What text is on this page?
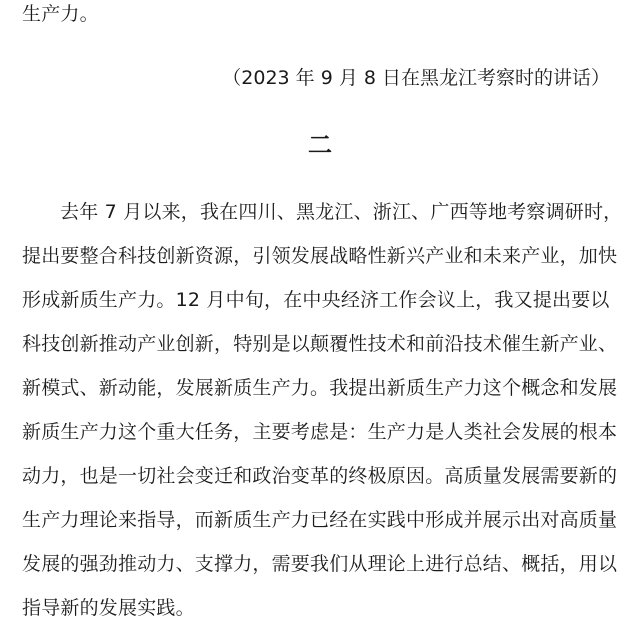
生产力。
（2023 年 9 月 8 日在黑龙江考察时的讲话）
二
去年 7 月以来，我在四川、黑龙江、浙江、广西等地考察调研时，
提出要整合科技创新资源，引领发展战略性新兴产业和未来产业，加快
形成新质生产力。12 月中旬，在中央经济工作会议上，我又提出要以
科技创新推动产业创新，特别是以颠覆性技术和前沿技术催生新产业、
新模式、新动能，发展新质生产力。我提出新质生产力这个概念和发展
新质生产力这个重大任务，主要考虑是：生产力是人类社会发展的根本
动力，也是一切社会变迁和政治变革的终极原因。高质量发展需要新的
生产力理论来指导，而新质生产力已经在实践中形成并展示出对高质量
发展的强劲推动力、支撑力，需要我们从理论上进行总结、概括，用以
指导新的发展实践。
